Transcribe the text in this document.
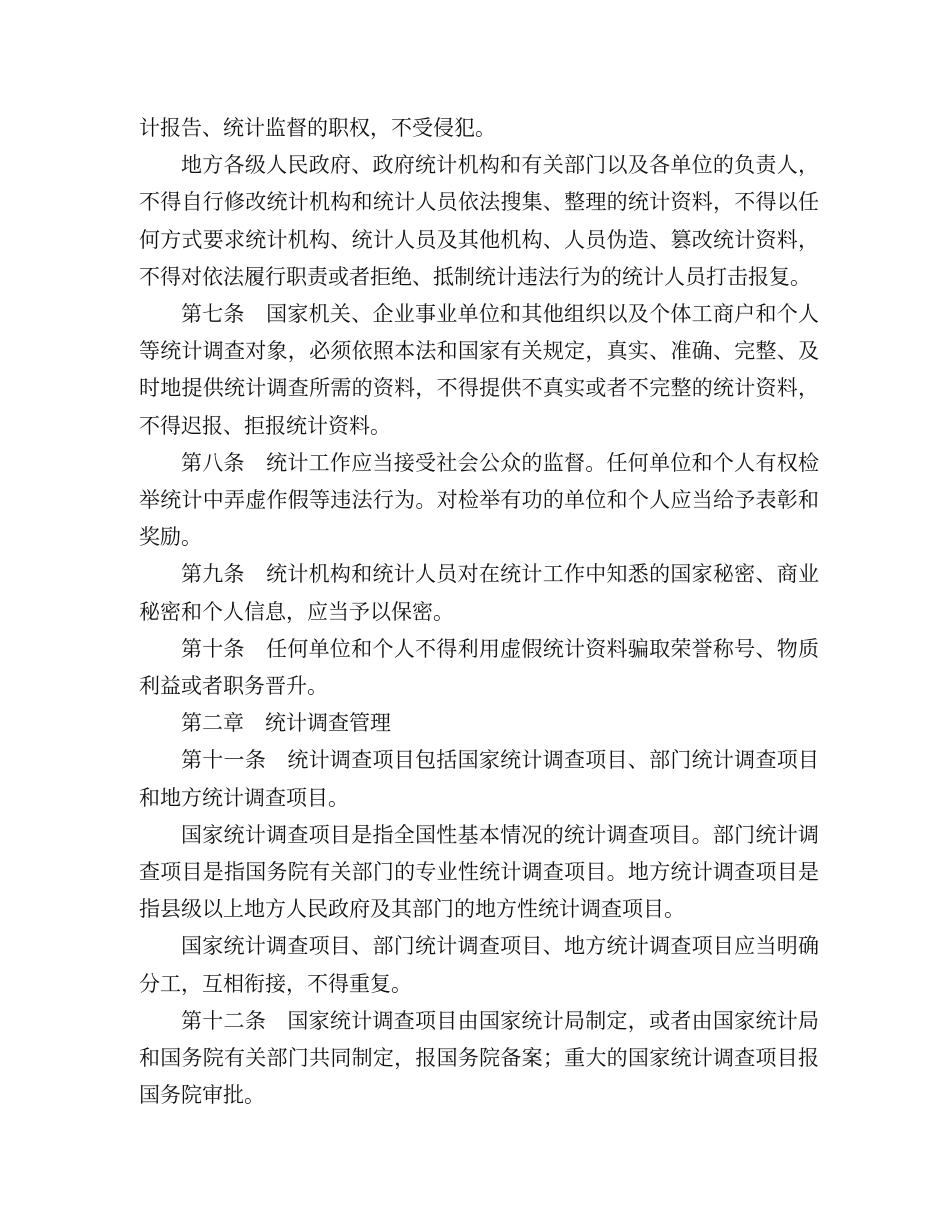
计报告、统计监督的职权，不受侵犯。

地方各级人民政府、政府统计机构和有关部门以及各单位的负责人，不得自行修改统计机构和统计人员依法搜集、整理的统计资料，不得以任何方式要求统计机构、统计人员及其他机构、人员伪造、篡改统计资料，不得对依法履行职责或者拒绝、抵制统计违法行为的统计人员打击报复。

第七条　国家机关、企业事业单位和其他组织以及个体工商户和个人等统计调查对象，必须依照本法和国家有关规定，真实、准确、完整、及时地提供统计调查所需的资料，不得提供不真实或者不完整的统计资料，不得迟报、拒报统计资料。

第八条　统计工作应当接受社会公众的监督。任何单位和个人有权检举统计中弄虚作假等违法行为。对检举有功的单位和个人应当给予表彰和奖励。

第九条　统计机构和统计人员对在统计工作中知悉的国家秘密、商业秘密和个人信息，应当予以保密。

第十条　任何单位和个人不得利用虚假统计资料骗取荣誉称号、物质利益或者职务晋升。

第二章　统计调查管理

第十一条　统计调查项目包括国家统计调查项目、部门统计调查项目和地方统计调查项目。

国家统计调查项目是指全国性基本情况的统计调查项目。部门统计调查项目是指国务院有关部门的专业性统计调查项目。地方统计调查项目是指县级以上地方人民政府及其部门的地方性统计调查项目。

国家统计调查项目、部门统计调查项目、地方统计调查项目应当明确分工，互相衔接，不得重复。

第十二条　国家统计调查项目由国家统计局制定，或者由国家统计局和国务院有关部门共同制定，报国务院备案；重大的国家统计调查项目报国务院审批。
